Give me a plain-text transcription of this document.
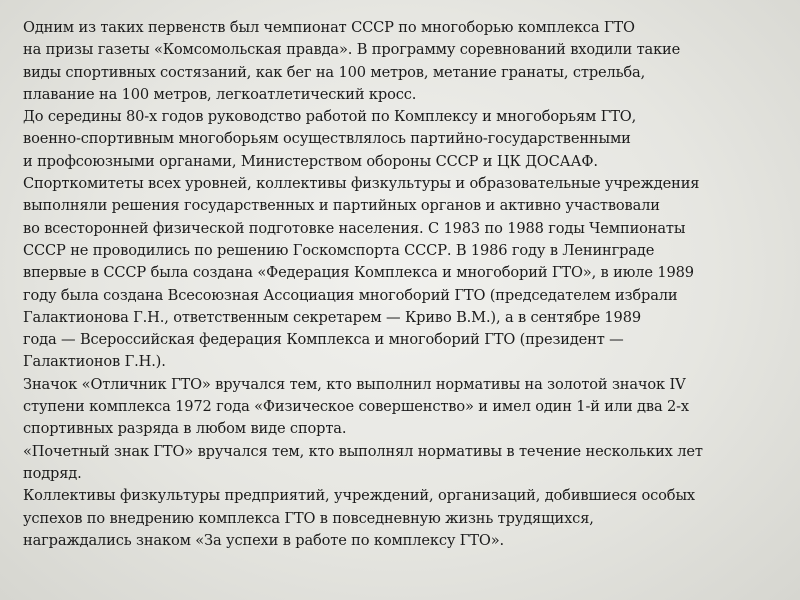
Одним из таких первенств был чемпионат СССР по многоборью комплекса ГТО
на призы газеты «Комсомольская правда». В программу соревнований входили такие
виды спортивных состязаний, как бег на 100 метров, метание гранаты, стрельба,
плавание на 100 метров, легкоатлетический кросс.
До середины 80-х годов руководство работой по Комплексу и многоборьям ГТО,
военно-спортивным многоборьям осуществлялось партийно-государственными
и профсоюзными органами, Министерством обороны СССР и ЦК ДОСААФ.
Спорткомитеты всех уровней, коллективы физкультуры и образовательные учреждения
выполняли решения государственных и партийных органов и активно участвовали
во всесторонней физической подготовке населения. С 1983 по 1988 годы Чемпионаты
СССР не проводились по решению Госкомспорта СССР. В 1986 году в Ленинграде
впервые в СССР была создана «Федерация Комплекса и многоборий ГТО», в июле 1989
году была создана Всесоюзная Ассоциация многоборий ГТО (председателем избрали
Галактионова Г.Н., ответственным секретарем — Криво В.М.), а в сентябре 1989
года — Всероссийская федерация Комплекса и многоборий ГТО (президент —
Галактионов Г.Н.).
Значок «Отличник ГТО» вручался тем, кто выполнил нормативы на золотой значок IV
ступени комплекса 1972 года «Физическое совершенство» и имел один 1-й или два 2-х
спортивных разряда в любом виде спорта.
«Почетный знак ГТО» вручался тем, кто выполнял нормативы в течение нескольких лет
подряд.
Коллективы физкультуры предприятий, учреждений, организаций, добившиеся особых
успехов по внедрению комплекса ГТО в повседневную жизнь трудящихся,
награждались знаком «За успехи в работе по комплексу ГТО».
